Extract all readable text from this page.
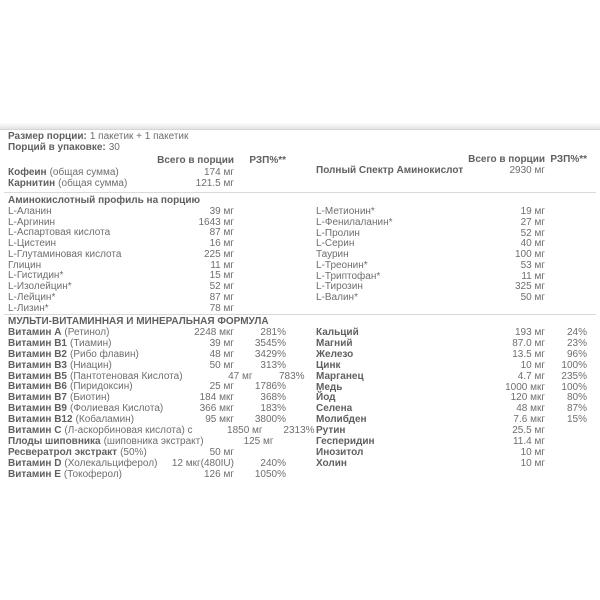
Размер порции: 1 пакетик + 1 пакетик
Порций в упаковке: 30
Всего в порции	РЗП%**
Кофеин (общая сумма)	174 мг
Карнитин (общая сумма)	121.5 мг
Всего в порции РЗП%**
Полный Спектр Аминокислот	2930 мг
Аминокислотный профиль на порцию
L-Аланин	39 мг
L-Аргинин	1643 мг
L-Аспартовая кислота	87 мг
L-Цистеин	16 мг
L-Глутаминовая кислота	225 мг
Глицин	11 мг
L-Гистидин*	15 мг
L-Изолейцин*	52 мг
L-Лейцин*	87 мг
L-Лизин*	78 мг
L-Метионин*	19 мг
L-Фенилаланин*	27 мг
L-Пролин	52 мг
L-Серин	40 мг
Таурин	100 мг
L-Треонин*	53 мг
L-Триптофан*	11 мг
L-Тирозин	325 мг
L-Валин*	50 мг
МУЛЬТИ-ВИТАМИННАЯ И МИНЕРАЛЬНАЯ ФОРМУЛА
Витамин A (Ретинол)	2248 мкг	281%
Витамин B1 (Тиамин)	39 мг	3545%
Витамин B2 (Рибо флавин)	48 мг	3429%
Витамин B3 (Ниацин)	50 мг	313%
Витамин B5 (Пантотеновая Кислота)	47 мг	783%
Витамин B6 (Пиридоксин)	25 мг	1786%
Витамин B7 (Биотин)	184 мкг	368%
Витамин B9 (Фолиевая Кислота)	366 мкг	183%
Витамин B12 (Кобаламин)	95 мкг	3800%
Витамин C (Л-аскорбиновая кислота) с	1850 мг	2313%
Плоды шиповника (шиповника экстракт)	125 мг
Ресвератрол экстракт (50%)	50 мг
Витамин D (Холекальциферол)	12 мкг(480IU)	240%
Витамин E (Токоферол)	126 мг	1050%
Кальций	193 мг	24%
Магний	87.0 мг	23%
Железо	13.5 мг	96%
Цинк	10 мг	100%
Марганец	4.7 мг	235%
Медь	1000 мкг	100%
Йод	120 мкг	80%
Селена	48 мкг	87%
Молибден	7.6 мкг	15%
Рутин	25.5 мг
Гесперидин	11.4 мг
Инозитол	10 мг
Холин	10 мг
